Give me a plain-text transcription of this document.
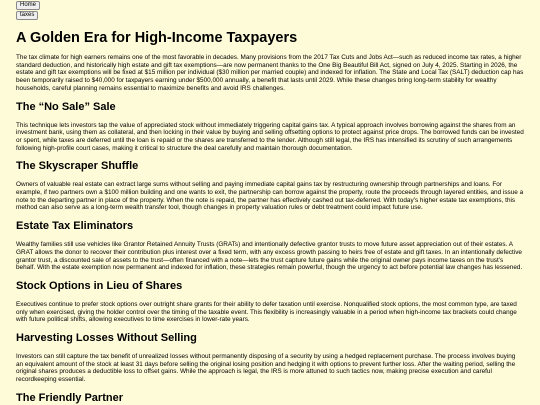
Home
taxes
A Golden Era for High-Income Taxpayers

The tax climate for high earners remains one of the most favorable in decades. Many provisions from the 2017 Tax Cuts and Jobs Act—such as reduced income tax rates, a higher standard deduction, and historically high estate and gift tax exemptions—are now permanent thanks to the One Big Beautiful Bill Act, signed on July 4, 2025. Starting in 2026, the estate and gift tax exemptions will be fixed at $15 million per individual ($30 million per married couple) and indexed for inflation. The State and Local Tax (SALT) deduction cap has been temporarily raised to $40,000 for taxpayers earning under $500,000 annually, a benefit that lasts until 2029. While these changes bring long-term stability for wealthy households, careful planning remains essential to maximize benefits and avoid IRS challenges.

The “No Sale” Sale

This technique lets investors tap the value of appreciated stock without immediately triggering capital gains tax. A typical approach involves borrowing against the shares from an investment bank, using them as collateral, and then locking in their value by buying and selling offsetting options to protect against price drops. The borrowed funds can be invested or spent, while taxes are deferred until the loan is repaid or the shares are transferred to the lender. Although still legal, the IRS has intensified its scrutiny of such arrangements following high-profile court cases, making it critical to structure the deal carefully and maintain thorough documentation.

The Skyscraper Shuffle

Owners of valuable real estate can extract large sums without selling and paying immediate capital gains tax by restructuring ownership through partnerships and loans. For example, if two partners own a $100 million building and one wants to exit, the partnership can borrow against the property, route the proceeds through layered entities, and issue a note to the departing partner in place of the property. When the note is repaid, the partner has effectively cashed out tax-deferred. With today’s higher estate tax exemptions, this method can also serve as a long-term wealth transfer tool, though changes in property valuation rules or debt treatment could impact future use.

Estate Tax Eliminators

Wealthy families still use vehicles like Grantor Retained Annuity Trusts (GRATs) and intentionally defective grantor trusts to move future asset appreciation out of their estates. A GRAT allows the donor to recover their contribution plus interest over a fixed term, with any excess growth passing to heirs free of estate and gift taxes. In an intentionally defective grantor trust, a discounted sale of assets to the trust—often financed with a note—lets the trust capture future gains while the original owner pays income taxes on the trust’s behalf. With the estate exemption now permanent and indexed for inflation, these strategies remain powerful, though the urgency to act before potential law changes has lessened.

Stock Options in Lieu of Shares

Executives continue to prefer stock options over outright share grants for their ability to defer taxation until exercise. Nonqualified stock options, the most common type, are taxed only when exercised, giving the holder control over the timing of the taxable event. This flexibility is increasingly valuable in a period when high-income tax brackets could change with future political shifts, allowing executives to time exercises in lower-rate years.

Harvesting Losses Without Selling

Investors can still capture the tax benefit of unrealized losses without permanently disposing of a security by using a hedged replacement purchase. The process involves buying an equivalent amount of the stock at least 31 days before selling the original losing position and hedging it with options to prevent further loss. After the waiting period, selling the original shares produces a deductible loss to offset gains. While the approach is legal, the IRS is more attuned to such tactics now, making precise execution and careful recordkeeping essential.

The Friendly Partner
